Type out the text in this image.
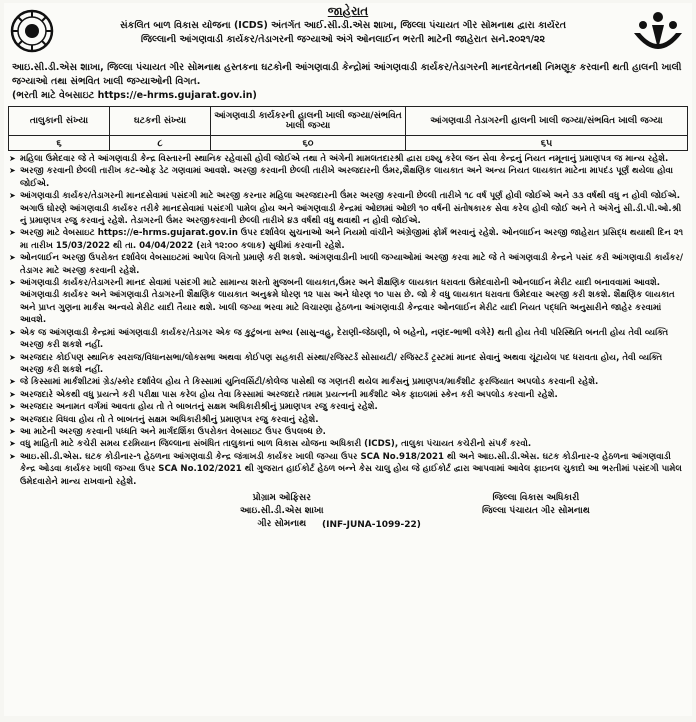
જાહેરાત
સંકલિત બાળ વિકાસ યોજના (ICDS) અંતર્ગત આઈ.સી.ડી.એસ શાખા, જિલ્લા પંચાયત ગીર સોમનાથ દ્વારા કાર્યરત
જિલ્લાની આંગણવાડી કાર્યકર/તેડાગરની જગ્યાઓ અંગે ઓનલાઈન ભરતી માટેની જાહેરાત સને.૨૦૨૧/૨૨
આઇ.સી.ડી.એસ શાખા, જિલ્લા પંચાયત ગીર સોમનાથ હસ્તકના ઘટકોની આંગણવાડી કેન્દ્રોમાં આંગણવાડી કાર્યકર/તેડાગરની માનદવેતનથી નિમણૂક કરવાની થતી હાલની ખાલી જગ્યાઓ તથા સંભવિત ખાલી જગ્યાઓની વિગત.
(ભરતી માટે વેબસાઇટ https://e-hrms.gujarat.gov.in)
તાલુકાની સંખ્યા	ઘટકની સંખ્યા	આંગણવાડી કાર્યકરની હાલની ખાલી જગ્યા/સંભવિત ખાલી જગ્યા	આંગણવાડી તેડાગરની હાલની ખાલી જગ્યા/સંભવિત ખાલી જગ્યા
૬	૮	૬૦	૬૫
➤ મહિલા ઉમેદવાર જે તે આંગણવાડી કેન્દ્ર વિસ્તારની સ્થાનિક રહેવાસી હોવી જોઈએ તથા તે અંગેની મામલતદારશ્રી દ્વારા ઇશ્યુ કરેલ જન સેવા કેન્દ્રનું નિયત નમૂનાનું પ્રમાણપત્ર જ માન્ય રહેશે.
➤ અરજી કરવાની છેલ્લી તારીખ કટ-ઓફ ડેટ ગણવામાં આવશે. અરજી કરવાની છેલ્લી તારીખે અરજદારની ઉંમર,શૈક્ષણિક લાયકાત અને અન્ય નિયત લાયકાત માટેના માપદંડ પૂર્ણ થયેલા હોવા જોઈએ.
➤ આંગણવાડી કાર્યકર/તેડાગરની માનદસેવામાં પસંદગી માટે અરજી કરનાર મહિલા અરજદારની ઉંમર અરજી કરવાની છેલ્લી તારીખે ૧૮ વર્ષ પૂર્ણ હોવી જોઈએ અને ૩૩ વર્ષથી વધુ ન હોવી જોઈએ. અગાઉ ઘોરણે આંગણવાડી કાર્યકર તરીકે માનદસેવામાં પસંદગી પામેલ હોય અને આંગણવાડી કેન્દ્રમાં ઓછામાં ઓછી ૧૦ વર્ષની સંતોષકારક સેવા કરેલ હોવી જોઈ અને તે અંગેનું સી.ડી.પી.ઓ.શ્રી નું પ્રમાણપત્ર રજુ કરવાનું રહેશે. તેડાગરની ઉંમર અરજીકરવાની છેલ્લી તારીખે ૪૩ વર્ષથી વધુ થવાથી ન હોવી જોઈએ.
➤ અરજી માટે વેબસાઇટ https://e-hrms.gujarat.gov.in ઉપર દર્શાવેલ સુચનાઓ અને નિયમો વાંચીને અંગ્રેજીમાં ફોર્મ ભરવાનું રહેશે. ઓનલાઈન અરજી જાહેરાત પ્રસિદ્ધ થયાથી દિન ૨૧ મા તારીખ 15/03/2022 થી તા. 04/04/2022 (રાત્રે ૧૨:૦૦ કલાક) સુધીમાં કરવાની રહેશે.
➤ ઓનલાઈન અરજી ઉપરોક્ત દર્શાવેલ વેબસાઇટમાં આપેલ વિગતો પ્રમાણે કરી શકશે. આંગણવાડીની ખાલી જગ્યાઓમાં અરજી કરવા માટે જે તે આંગણવાડી કેન્દ્રને પસંદ કરી આંગણવાડી કાર્યકર/તેડાગર માટે અરજી કરવાની રહેશે.
➤ આંગણવાડી કાર્યકર/તેડાગરની માનદ સેવામાં પસંદગી માટે સામાન્ય શરતો મુજબની લાયકાત,ઉંમર અને શૈક્ષણિક લાયકાત ધરાવતા ઉમેદવારોની ઓનલાઈન મેરીટ યાદી બનાવવામાં આવશે. આંગણવાડી કાર્યકર અને આંગણવાડી તેડાગરની શૈક્ષણિક લાયકાત અનુક્રમે ધોરણ ૧૨ પાસ અને ધોરણ ૧૦ પાસ છે. જો કે વધુ લાયકાત ધરાવતા ઉમેદવાર અરજી કરી શકશે. શૈક્ષણિક લાયકાત અને પ્રાપ્ત ગુણના માર્કસ અન્વયે મેરીટ યાદી તૈયાર થશે. ખાલી જગ્યા ભરવા માટે વિચારણા હેઠળના આંગણવાડી કેન્દ્રવાર ઓનલાઈન મેરીટ યાદી નિયત પદ્ધતિ અનુસારીને જાહેર કરવામાં આવશે.
➤ એક જ આંગણવાડી કેન્દ્રમાં આંગણવાડી કાર્યકર/તેડાગર એક જ કુટુંબના સભ્ય (સાસુ-વહુ, દેરાણી-જેઠાણી, બે બહેનો, નણંદ-ભાભી વગેરે) થતી હોય તેવી પરિસ્થિતિ બનતી હોય તેવી વ્યક્તિ અરજી કરી શકશે નહીં.
➤ અરજદાર કોઈપણ સ્થાનિક સ્વરાજ/વિધાનસભા/લોકસભા અથવા કોઈપણ સહકારી સંસ્થા/રજિસ્ટર્ડ સોસાયટી/ રજિસ્ટર્ડ ટ્રસ્ટમાં માનદ સેવાનું અથવા ચૂંટાયેલ પદ ધરાવતા હોય, તેવી વ્યક્તિ અરજી કરી શકશે નહીં.
➤ જે કિસ્સામાં માર્કશીટમાં ગ્રેડ/સ્કોર દર્શાવેલ હોય તે કિસ્સામાં યુનિવર્સિટી/કોલેજ પાસેથી જ ગણતરી થયેલ માર્કસનું પ્રમાણપત્ર/માર્કશીટ ફરજિયાત અપલોડ કરવાની રહેશે.
➤ અરજદારે એકથી વધુ પ્રયત્ને કરી પરીક્ષા પાસ કરેલ હોય તેવા કિસ્સામાં અરજદારે તમામ પ્રયત્નની માર્કશીટ એક ફાઇલમાં સ્કેન કરી અપલોડ કરવાની રહેશે.
➤ અરજદાર અનામત વર્ગમાં આવતા હોય તો તે બાબતનું સક્ષમ અધિકારીશ્રીનું પ્રમાણપત્ર રજુ કરવાનું રહેશે.
➤ અરજદાર વિધવા હોય તો તે બાબતનું સક્ષમ અધિકારીશ્રીનું પ્રમાણપત્ર રજુ કરવાનું રહેશે.
➤ આ માટેની અરજી કરવાની પધ્ધતિ અને માર્ગદર્શિકા ઉપરોક્ત વેબસાઇટ ઉપર ઉપલબ્ધ છે.
➤ વધુ માહિતી માટે કચેરી સમય દરમિયાન જિલ્લાના સંબંધિત તાલુકાનાં બાળ વિકાસ યોજના અધિકારી (ICDS), તાલુકા પંચાયત કચેરીનો સંપર્ક કરવો.
➤ આઇ.સી.ડી.એસ. ઘટક કોડીનાર-૧ હેઠળના આંગણવાડી કેન્દ્ર જંત્રાખડી કાર્યકર ખાલી જગ્યા ઉપર SCA No.918/2021 થી અને આઇ.સી.ડી.એસ. ઘટક કોડીનાર-૨ હેઠળના આંગણવાડી કેન્દ્ર ઓડવા કાર્યકર ખાલી જગ્યા ઉપર SCA No.102/2021 થી ગુજરાત હાઈકોર્ટ હેઠળ બન્ને કેસ ચાલુ હોય જે હાઈકોર્ટ દ્વારા આપવામાં આવેલ ફાઇનલ ચુકાદો આ ભરતીમાં પસંદગી પામેલ ઉમેદવારોને માન્ય રાખવાનો રહેશે.
પ્રોગ્રામ ઓફિસર
આઇ.સી.ડી.એસ શાખા
ગીર સોમનાથ
જિલ્લા વિકાસ અધિકારી
જિલ્લા પંચાયત ગીર સોમનાથ
(INF-JUNA-1099-22)
